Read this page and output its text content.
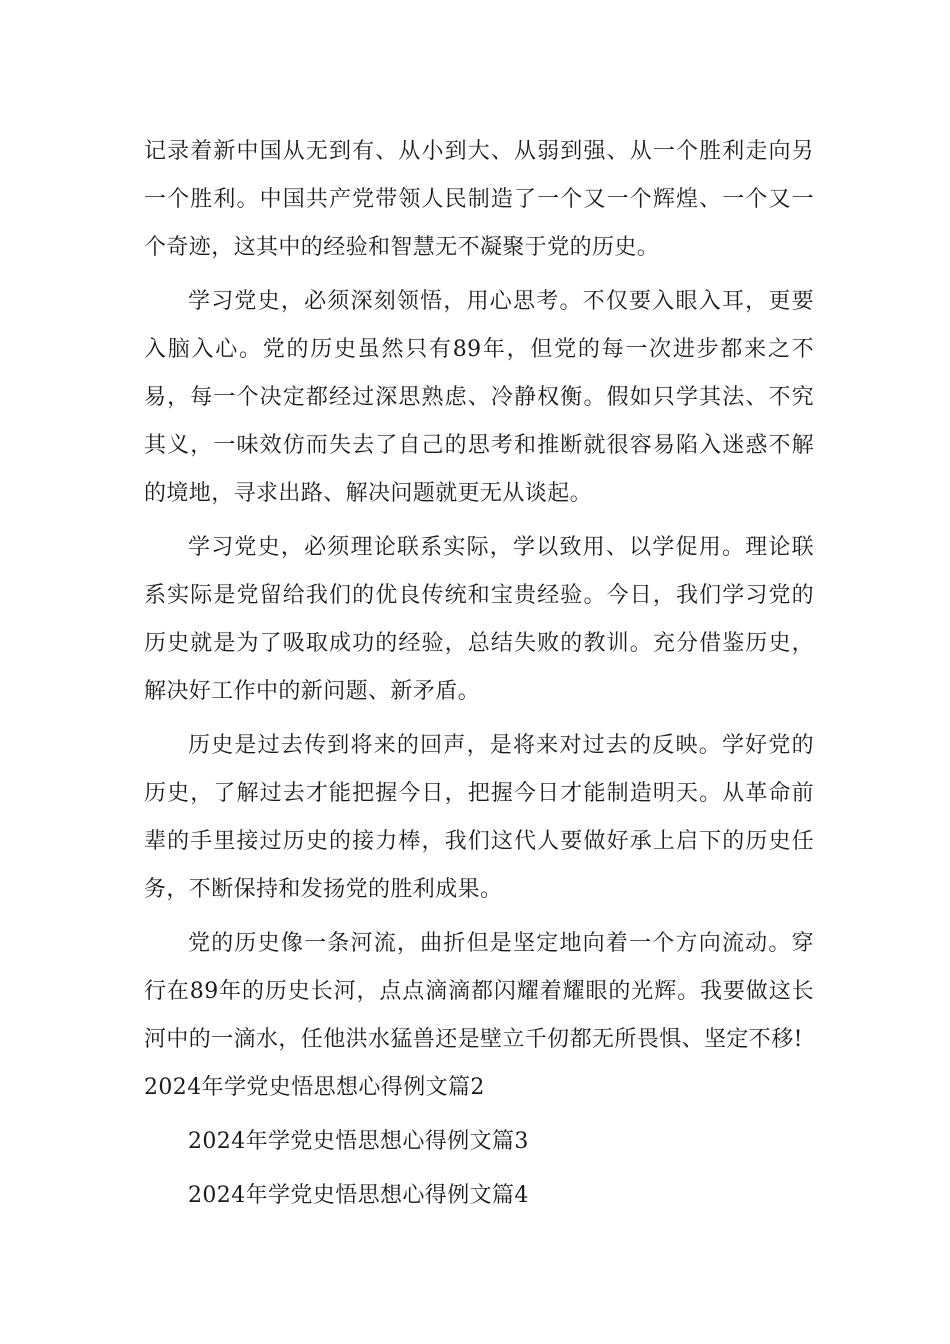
记录着新中国从无到有、从小到大、从弱到强、从一个胜利走向另一个胜利。中国共产党带领人民制造了一个又一个辉煌、一个又一个奇迹，这其中的经验和智慧无不凝聚于党的历史。

学习党史，必须深刻领悟，用心思考。不仅要入眼入耳，更要入脑入心。党的历史虽然只有89年，但党的每一次进步都来之不易，每一个决定都经过深思熟虑、冷静权衡。假如只学其法、不究其义，一味效仿而失去了自己的思考和推断就很容易陷入迷惑不解的境地，寻求出路、解决问题就更无从谈起。

学习党史，必须理论联系实际，学以致用、以学促用。理论联系实际是党留给我们的优良传统和宝贵经验。今日，我们学习党的历史就是为了吸取成功的经验，总结失败的教训。充分借鉴历史，解决好工作中的新问题、新矛盾。

历史是过去传到将来的回声，是将来对过去的反映。学好党的历史，了解过去才能把握今日，把握今日才能制造明天。从革命前辈的手里接过历史的接力棒，我们这代人要做好承上启下的历史任务，不断保持和发扬党的胜利成果。

党的历史像一条河流，曲折但是坚定地向着一个方向流动。穿行在89年的历史长河，点点滴滴都闪耀着耀眼的光辉。我要做这长河中的一滴水，任他洪水猛兽还是壁立千仞都无所畏惧、坚定不移!

2024年学党史悟思想心得例文篇2

2024年学党史悟思想心得例文篇3

2024年学党史悟思想心得例文篇4
